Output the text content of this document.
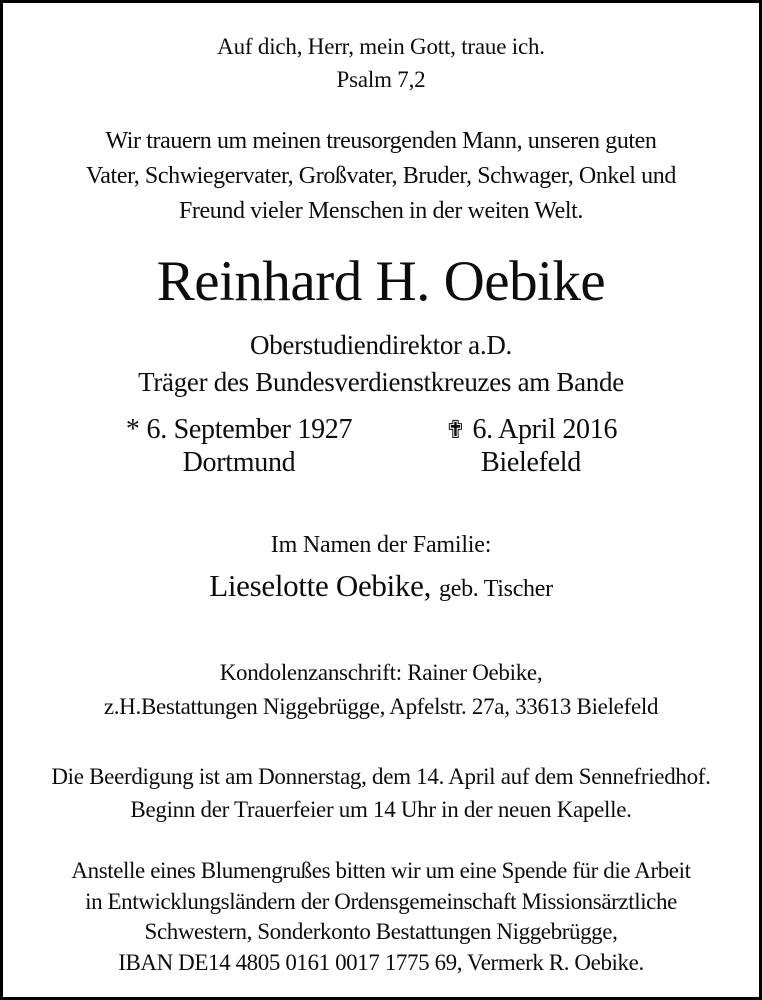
Auf dich, Herr, mein Gott, traue ich.
Psalm 7,2
Wir trauern um meinen treusorgenden Mann, unseren guten
Vater, Schwiegervater, Großvater, Bruder, Schwager, Onkel und
Freund vieler Menschen in der weiten Welt.
Reinhard H. Oebike
Oberstudiendirektor a.D.
Träger des Bundesverdienstkreuzes am Bande
* 6. September 1927
Dortmund
✟ 6. April 2016
Bielefeld
Im Namen der Familie:
Lieselotte Oebike, geb. Tischer
Kondolenzanschrift: Rainer Oebike,
z.H.Bestattungen Niggebrügge, Apfelstr. 27a, 33613 Bielefeld
Die Beerdigung ist am Donnerstag, dem 14. April auf dem Sennefriedhof.
Beginn der Trauerfeier um 14 Uhr in der neuen Kapelle.
Anstelle eines Blumengrußes bitten wir um eine Spende für die Arbeit
in Entwicklungsländern der Ordensgemeinschaft Missionsärztliche
Schwestern, Sonderkonto Bestattungen Niggebrügge,
IBAN DE14 4805 0161 0017 1775 69, Vermerk R. Oebike.
